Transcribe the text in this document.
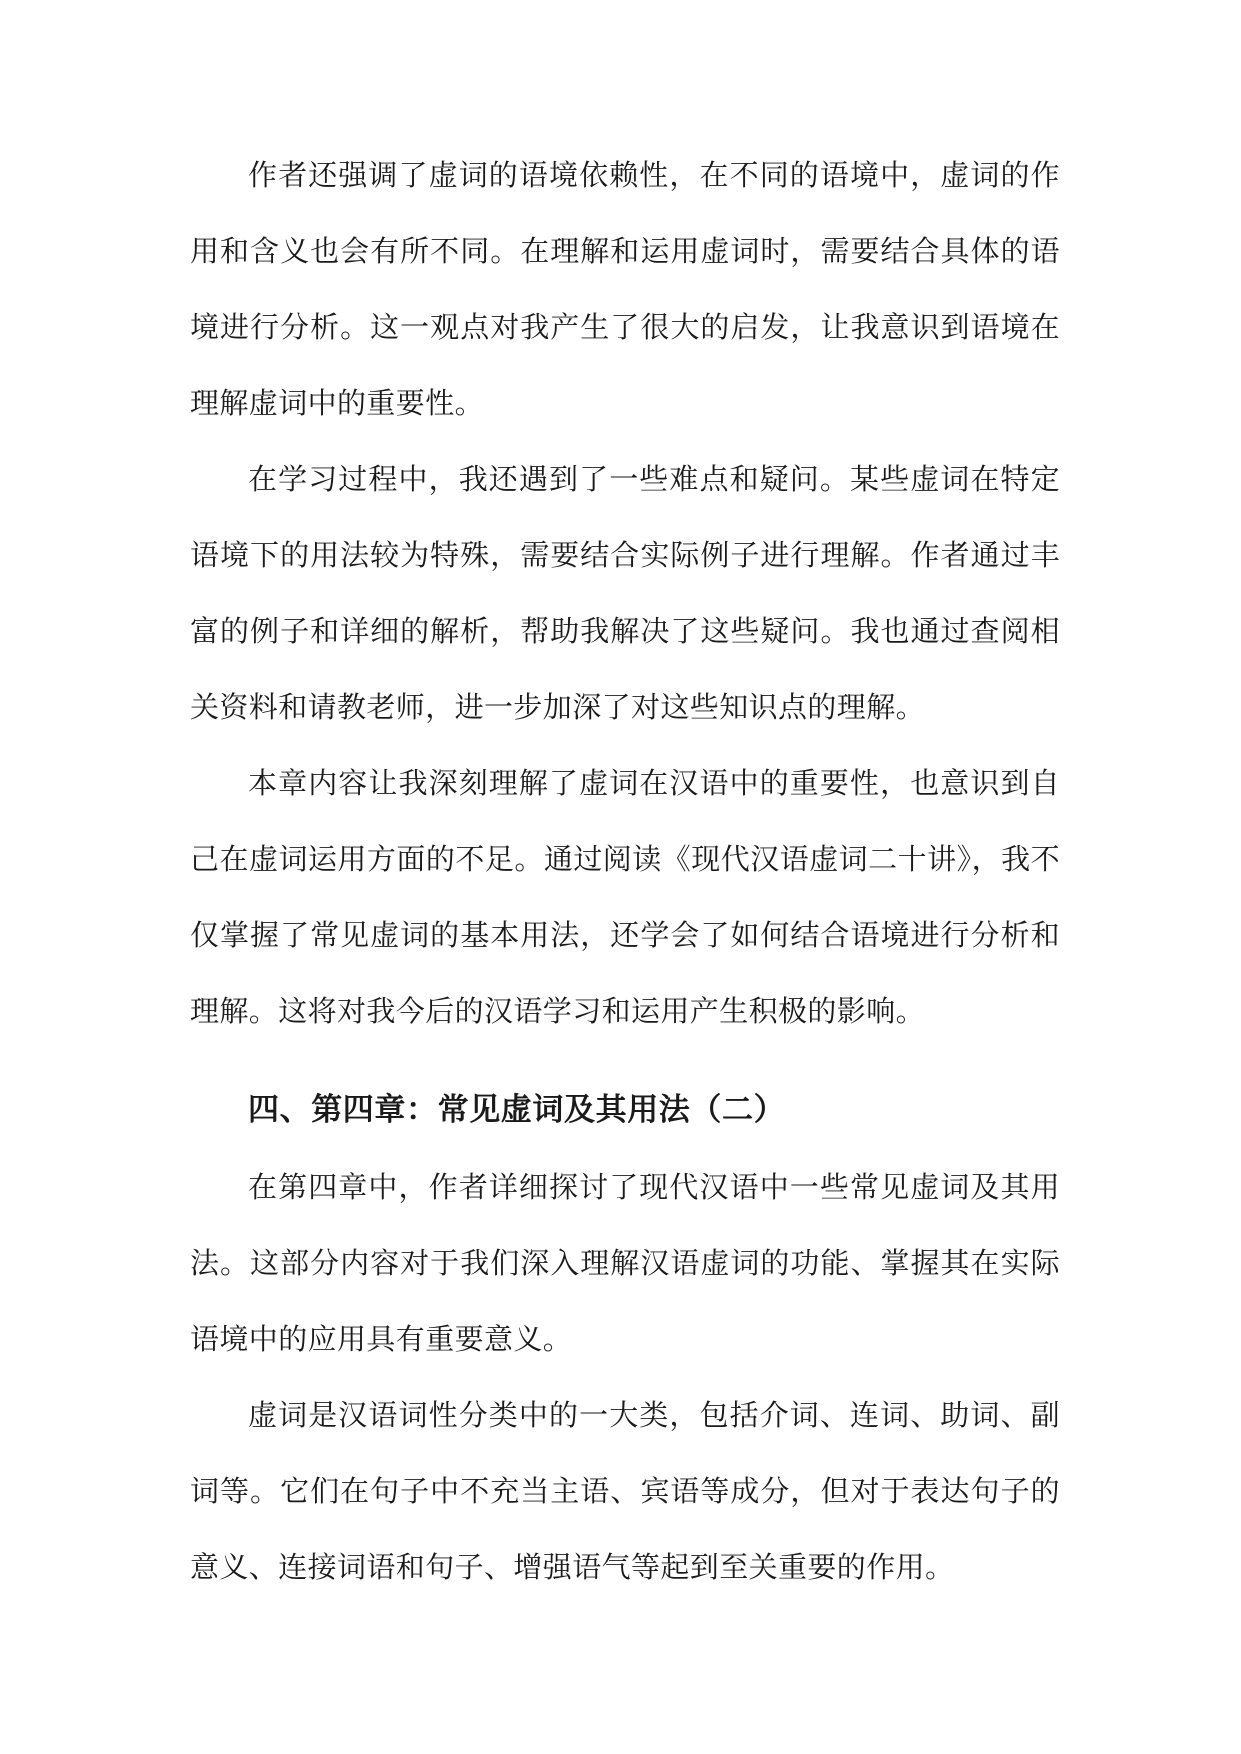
作者还强调了虚词的语境依赖性，在不同的语境中，虚词的作用和含义也会有所不同。在理解和运用虚词时，需要结合具体的语境进行分析。这一观点对我产生了很大的启发，让我意识到语境在理解虚词中的重要性。

在学习过程中，我还遇到了一些难点和疑问。某些虚词在特定语境下的用法较为特殊，需要结合实际例子进行理解。作者通过丰富的例子和详细的解析，帮助我解决了这些疑问。我也通过查阅相关资料和请教老师，进一步加深了对这些知识点的理解。

本章内容让我深刻理解了虚词在汉语中的重要性，也意识到自己在虚词运用方面的不足。通过阅读《现代汉语虚词二十讲》，我不仅掌握了常见虚词的基本用法，还学会了如何结合语境进行分析和理解。这将对我今后的汉语学习和运用产生积极的影响。

四、第四章：常见虚词及其用法（二）

在第四章中，作者详细探讨了现代汉语中一些常见虚词及其用法。这部分内容对于我们深入理解汉语虚词的功能、掌握其在实际语境中的应用具有重要意义。

虚词是汉语词性分类中的一大类，包括介词、连词、助词、副词等。它们在句子中不充当主语、宾语等成分，但对于表达句子的意义、连接词语和句子、增强语气等起到至关重要的作用。
